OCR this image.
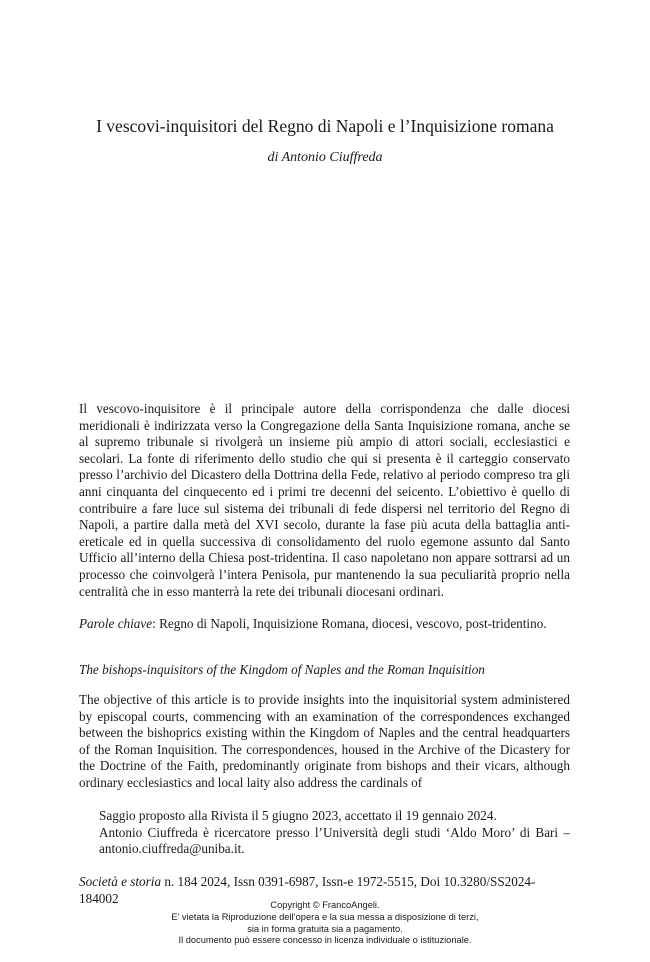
I vescovi-inquisitori del Regno di Napoli e l’Inquisizione romana
di Antonio Ciuffreda

Il vescovo-inquisitore è il principale autore della corrispondenza che dalle diocesi meridionali è indirizzata verso la Congregazione della Santa Inquisizione romana, anche se al supremo tribunale si rivolgerà un insieme più ampio di attori sociali, ecclesiastici e secolari. La fonte di riferimento dello studio che qui si presenta è il carteggio conservato presso l’archivio del Dicastero della Dottrina della Fede, relativo al periodo compreso tra gli anni cinquanta del cinquecento ed i primi tre decenni del seicento. L’obiettivo è quello di contribuire a fare luce sul sistema dei tribunali di fede dispersi nel territorio del Regno di Napoli, a partire dalla metà del XVI secolo, durante la fase più acuta della battaglia anti-ereticale ed in quella successiva di consolidamento del ruolo egemone assunto dal Santo Ufficio all’interno della Chiesa post-tridentina. Il caso napoletano non appare sottrarsi ad un processo che coinvolgerà l’intera Penisola, pur mantenendo la sua peculiarità proprio nella centralità che in esso manterrà la rete dei tribunali diocesani ordinari.

Parole chiave: Regno di Napoli, Inquisizione Romana, diocesi, vescovo, post-tridentino.
The bishops-inquisitors of the Kingdom of Naples and the Roman Inquisition

The objective of this article is to provide insights into the inquisitorial system administered by episcopal courts, commencing with an examination of the correspondences exchanged between the bishoprics existing within the Kingdom of Naples and the central headquarters of the Roman Inquisition. The correspondences, housed in the Archive of the Dicastery for the Doctrine of the Faith, predominantly originate from bishops and their vicars, although ordinary ecclesiastics and local laity also address the cardinals of

Saggio proposto alla Rivista il 5 giugno 2023, accettato il 19 gennaio 2024.

Antonio Ciuffreda è ricercatore presso l’Università degli studi ‘Aldo Moro’ di Bari – antonio.ciuffreda@uniba.it.

Società e storia n. 184 2024, Issn 0391-6987, Issn-e 1972-5515, Doi 10.3280/SS2024-184002	Copyright © FrancoAngeli.
E’ vietata la Riproduzione dell’opera e la sua messa a disposizione di terzi,
sia in forma gratuita sia a pagamento.
Il documento può essere concesso in licenza individuale o istituzionale.
